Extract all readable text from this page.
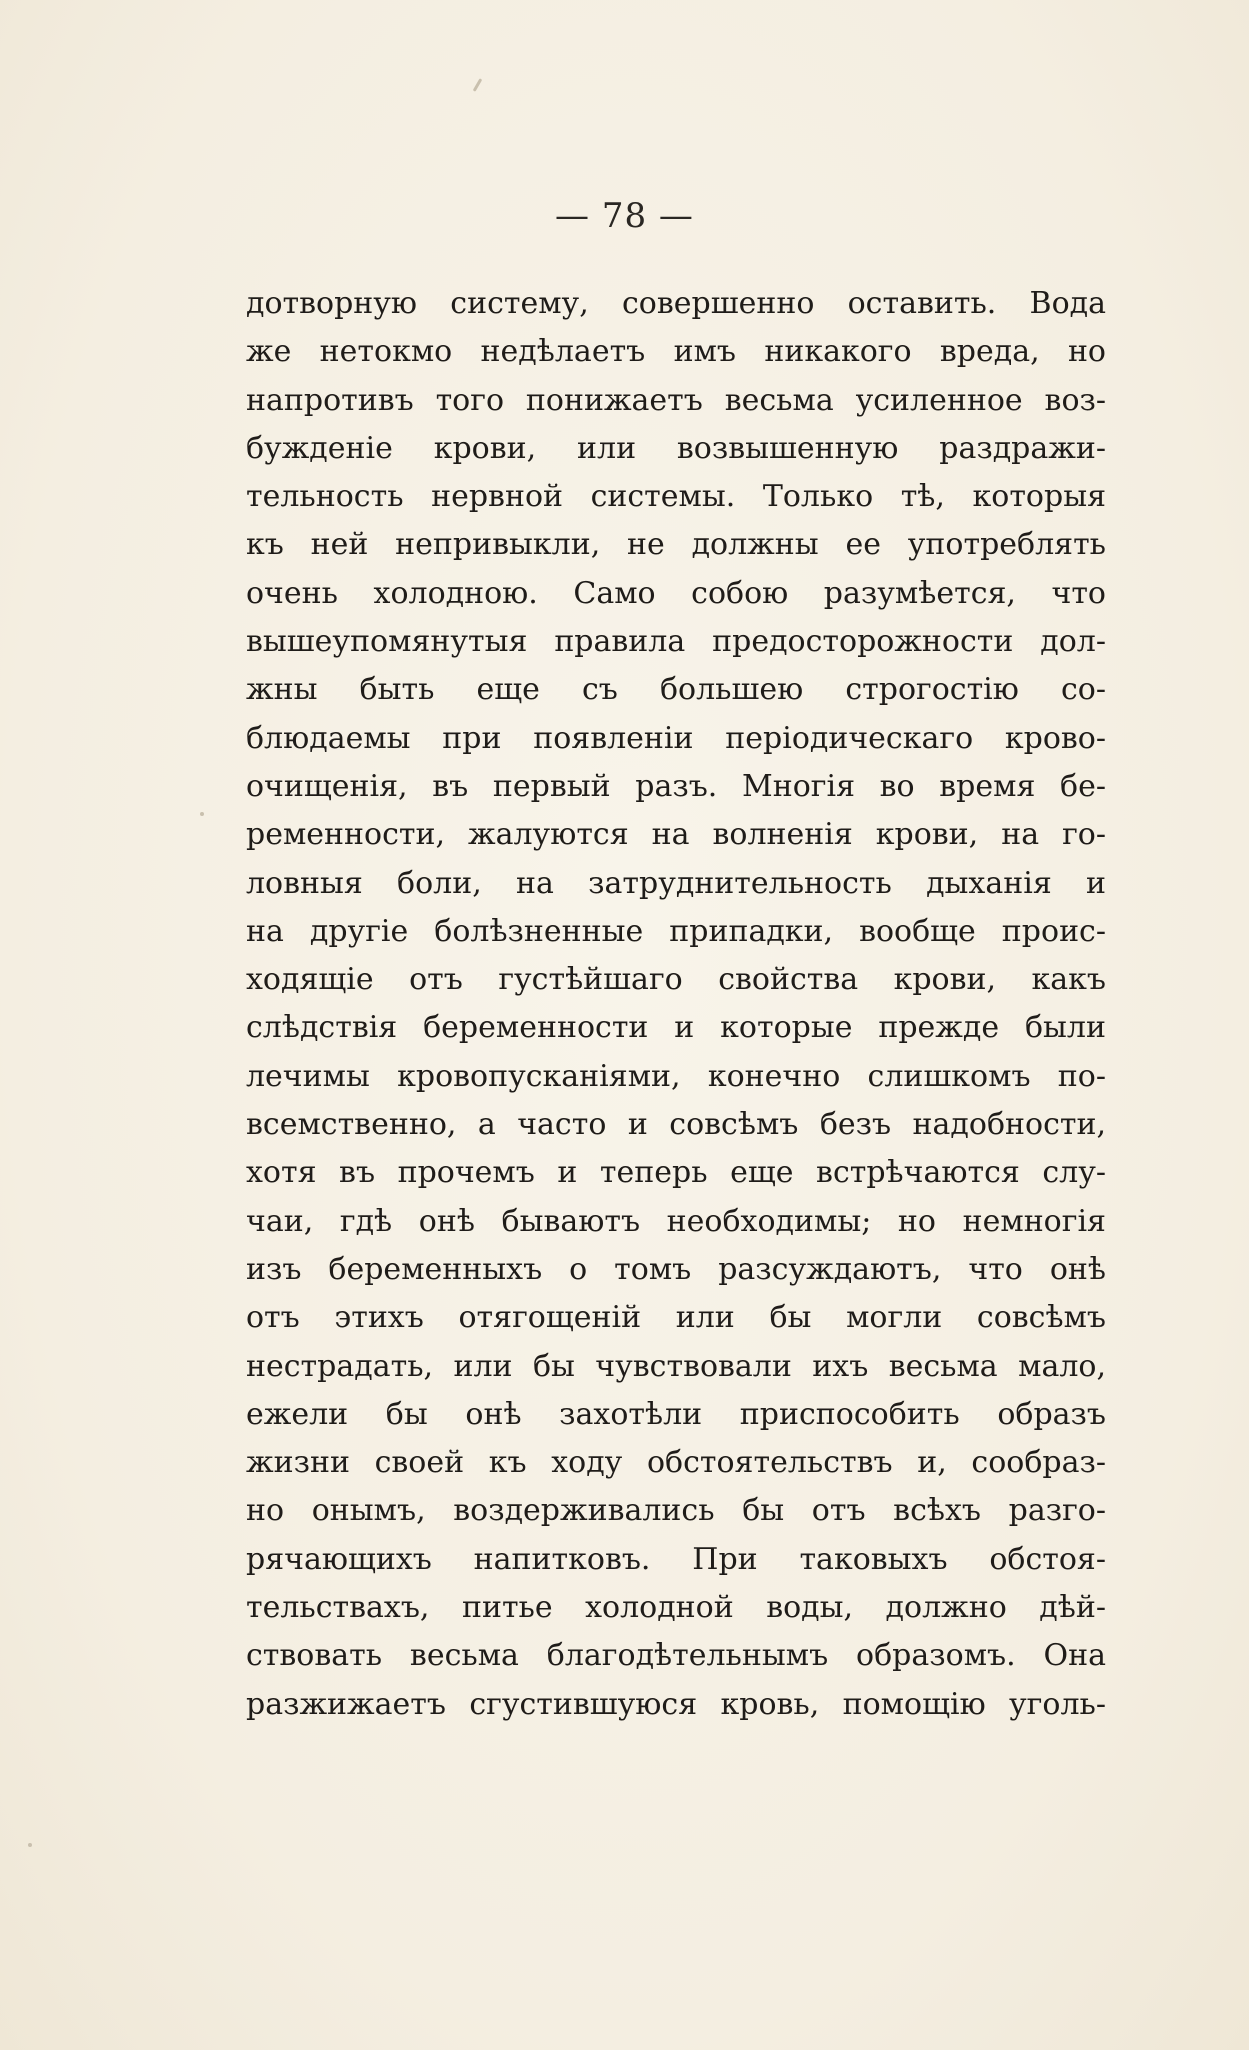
— 78 —
дотворную систему, совершенно оставить. Вода
же нетокмо недѣлаетъ имъ никакого вреда, но
напротивъ того понижаетъ весьма усиленное воз-
бужденіе крови, или возвышенную раздражи-
тельность нервной системы. Только тѣ, которыя
къ ней непривыкли, не должны ее употреблять
очень холодною. Само собою разумѣется, что
вышеупомянутыя правила предосторожности дол-
жны быть еще съ большею строгостію со-
блюдаемы при появленіи періодическаго крово-
очищенія, въ первый разъ. Многія во время бе-
ременности, жалуются на волненія крови, на го-
ловныя боли, на затруднительность дыханія и
на другіе болѣзненные припадки, вообще проис-
ходящіе отъ густѣйшаго свойства крови, какъ
слѣдствія беременности и которые прежде были
лечимы кровопусканіями, конечно слишкомъ по-
всемственно, а часто и совсѣмъ безъ надобности,
хотя въ прочемъ и теперь еще встрѣчаются слу-
чаи, гдѣ онѣ бываютъ необходимы; но немногія
изъ беременныхъ о томъ разсуждаютъ, что онѣ
отъ этихъ отягощеній или бы могли совсѣмъ
нестрадать, или бы чувствовали ихъ весьма мало,
ежели бы онѣ захотѣли приспособить образъ
жизни своей къ ходу обстоятельствъ и, сообраз-
но онымъ, воздерживались бы отъ всѣхъ разго-
рячающихъ напитковъ. При таковыхъ обстоя-
тельствахъ, питье холодной воды, должно дѣй-
ствовать весьма благодѣтельнымъ образомъ. Она
разжижаетъ сгустившуюся кровь, помощію уголь-
